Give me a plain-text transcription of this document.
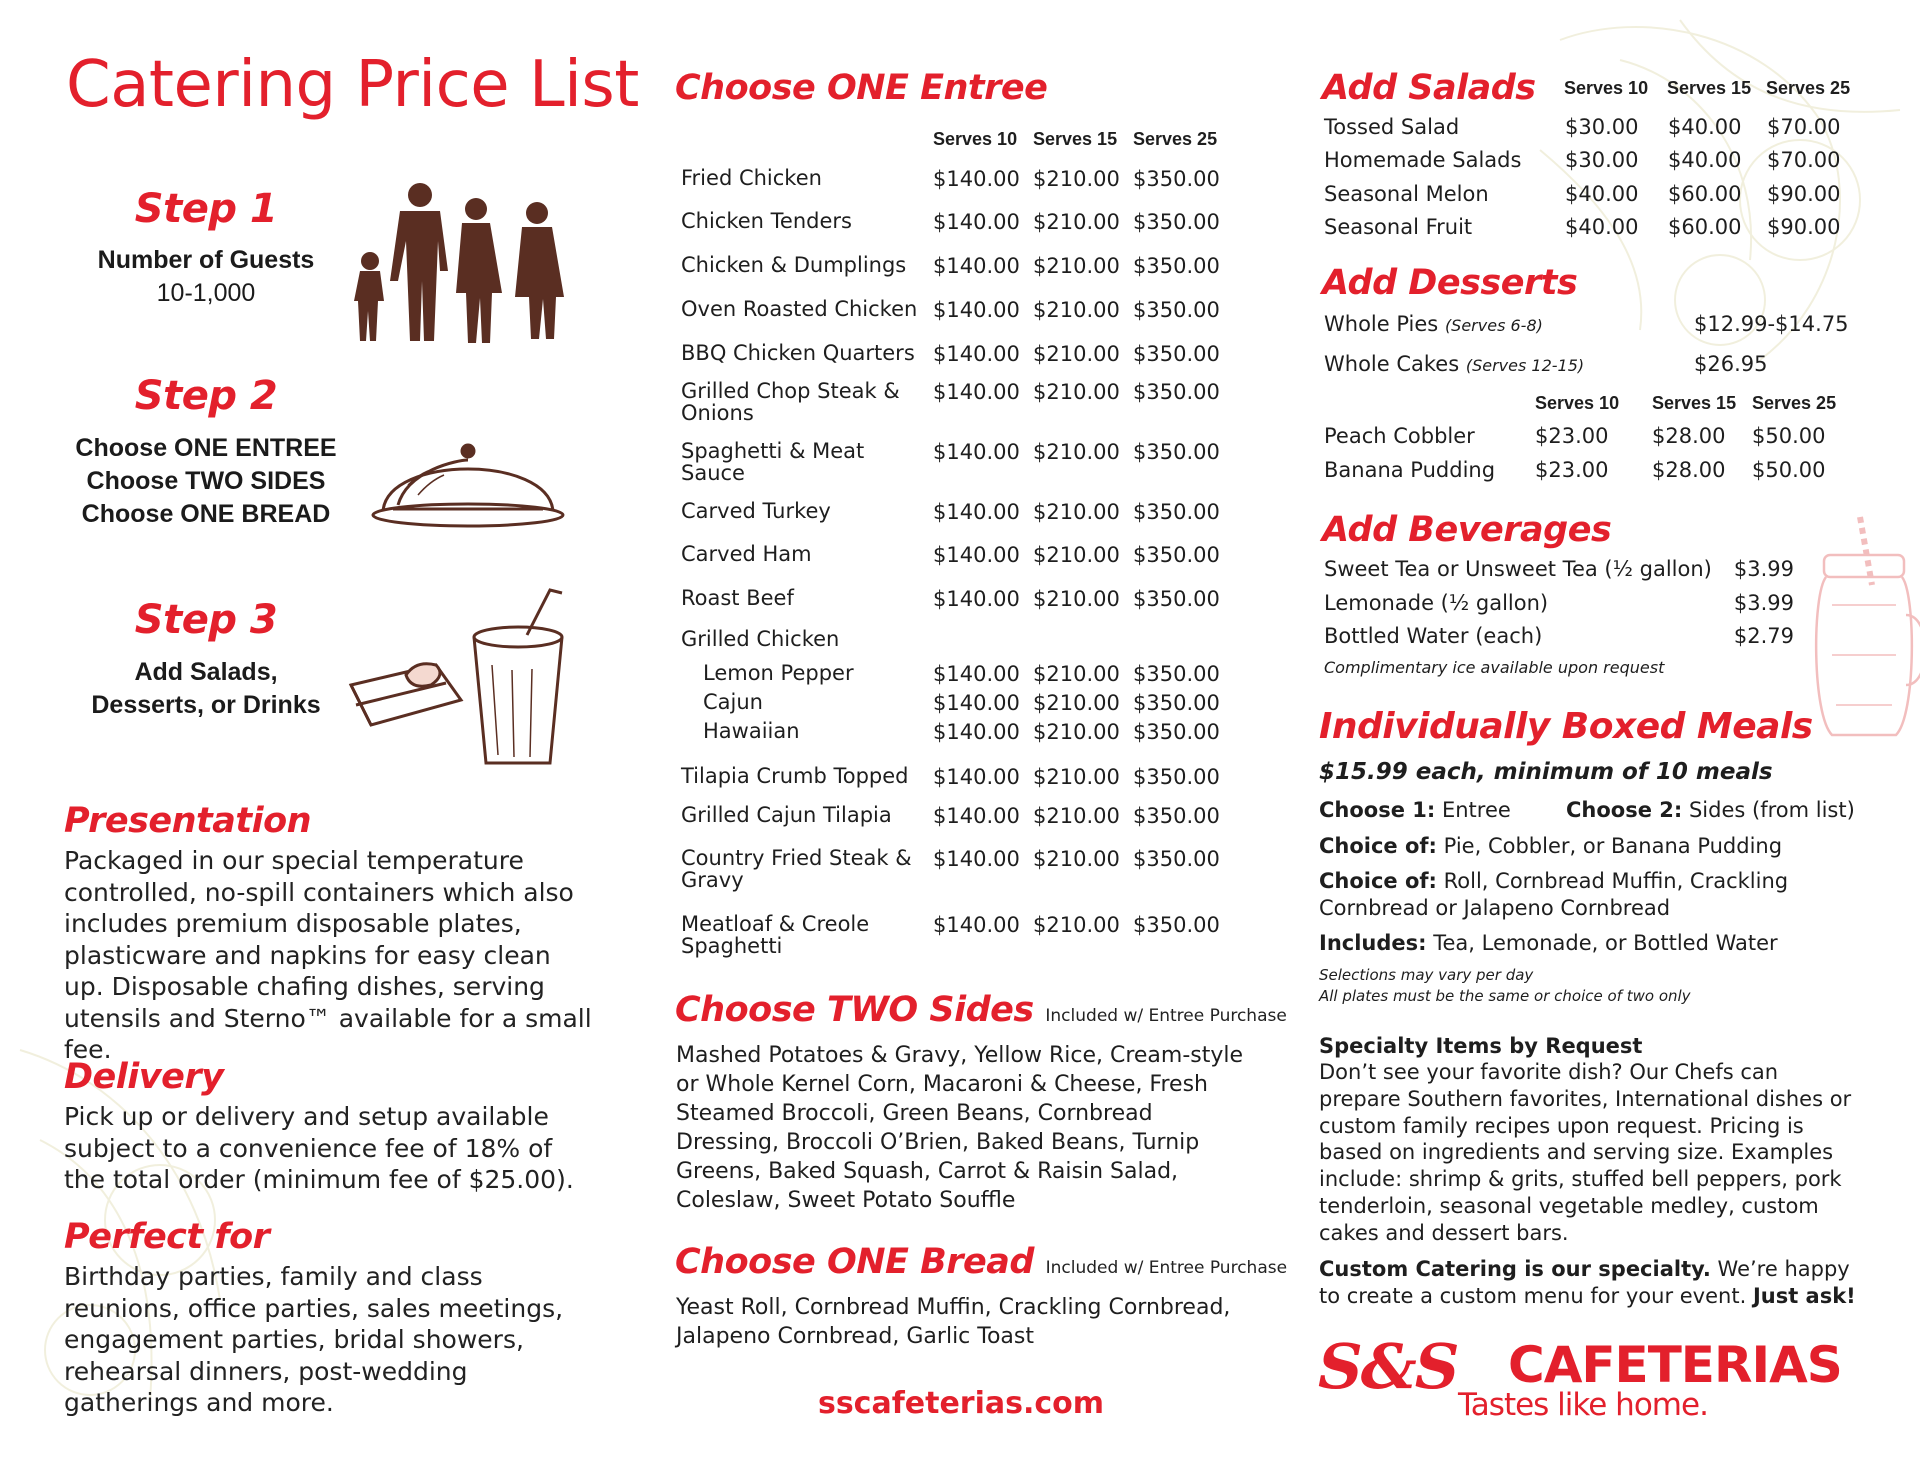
Catering Price List
Step 1
Number of Guests
10-1,000
Step 2
Choose ONE ENTREE
Choose TWO SIDES
Choose ONE BREAD
Step 3
Add Salads,
Desserts, or Drinks
Presentation
Packaged in our special temperature controlled, no-spill containers which also includes premium disposable plates, plasticware and napkins for easy clean up. Disposable chafing dishes, serving utensils and Sterno™ available for a small fee.
Delivery
Pick up or delivery and setup available subject to a convenience fee of 18% of the total order (minimum fee of $25.00).
Perfect for
Birthday parties, family and class reunions, office parties, sales meetings, engagement parties, bridal showers, rehearsal dinners, post-wedding gatherings and more.
Choose ONE Entree
Serves 10 Serves 15 Serves 25
Fried Chicken	$140.00 $210.00 $350.00
Chicken Tenders	$140.00 $210.00 $350.00
Chicken & Dumplings	$140.00 $210.00 $350.00
Oven Roasted Chicken $140.00 $210.00 $350.00
BBQ Chicken Quarters $140.00 $210.00 $350.00
Grilled Chop Steak & Onions
$140.00 $210.00 $350.00
Spaghetti & Meat Sauce
$140.00 $210.00 $350.00
Carved Turkey	$140.00 $210.00 $350.00
Carved Ham	$140.00 $210.00 $350.00
Roast Beef	$140.00 $210.00 $350.00
Grilled Chicken
Lemon Pepper	$140.00 $210.00 $350.00
Cajun	$140.00 $210.00 $350.00
Hawaiian	$140.00 $210.00 $350.00
Tilapia Crumb Topped	$140.00 $210.00 $350.00
Grilled Cajun Tilapia	$140.00 $210.00 $350.00
Country Fried Steak & Gravy
$140.00 $210.00 $350.00
Meatloaf & Creole Spaghetti
$140.00 $210.00 $350.00
Choose TWO Sides Included w/ Entree Purchase
Mashed Potatoes & Gravy, Yellow Rice, Cream-style or Whole Kernel Corn, Macaroni & Cheese, Fresh Steamed Broccoli, Green Beans, Cornbread Dressing, Broccoli O’Brien, Baked Beans, Turnip Greens, Baked Squash, Carrot & Raisin Salad, Coleslaw, Sweet Potato Souffle
Choose ONE Bread Included w/ Entree Purchase
Yeast Roll, Cornbread Muffin, Crackling Cornbread, Jalapeno Cornbread, Garlic Toast
sscafeterias.com
Add Salads Serves 10 Serves 15 Serves 25
Tossed Salad	$30.00 $40.00 $70.00
Homemade Salads $30.00 $40.00 $70.00
Seasonal Melon	$40.00 $60.00 $90.00
Seasonal Fruit	$40.00 $60.00 $90.00
Add Desserts
Whole Pies (Serves 6-8)	$12.99-$14.75
Whole Cakes (Serves 12-15)	$26.95
Serves 10 Serves 15 Serves 25
Peach Cobbler	$23.00 $28.00 $50.00
Banana Pudding $23.00 $28.00 $50.00
Add Beverages
Sweet Tea or Unsweet Tea (½ gallon) $3.99
Lemonade (½ gallon)	$3.99
Bottled Water (each)	$2.79
Complimentary ice available upon request
Individually Boxed Meals
$15.99 each, minimum of 10 meals
Choose 1: Entree	Choose 2: Sides (from list)
Choice of: Pie, Cobbler, or Banana Pudding
Choice of: Roll, Cornbread Muffin, Crackling Cornbread or Jalapeno Cornbread
Includes: Tea, Lemonade, or Bottled Water
Selections may vary per day
All plates must be the same or choice of two only
Specialty Items by Request
Don’t see your favorite dish? Our Chefs can prepare Southern favorites, International dishes or custom family recipes upon request. Pricing is based on ingredients and serving size. Examples include: shrimp & grits, stuffed bell peppers, pork tenderloin, seasonal vegetable medley, custom cakes and dessert bars.
Custom Catering is our specialty. We’re happy to create a custom menu for your event. Just ask!
S&S CAFETERIAS
Tastes like home.
